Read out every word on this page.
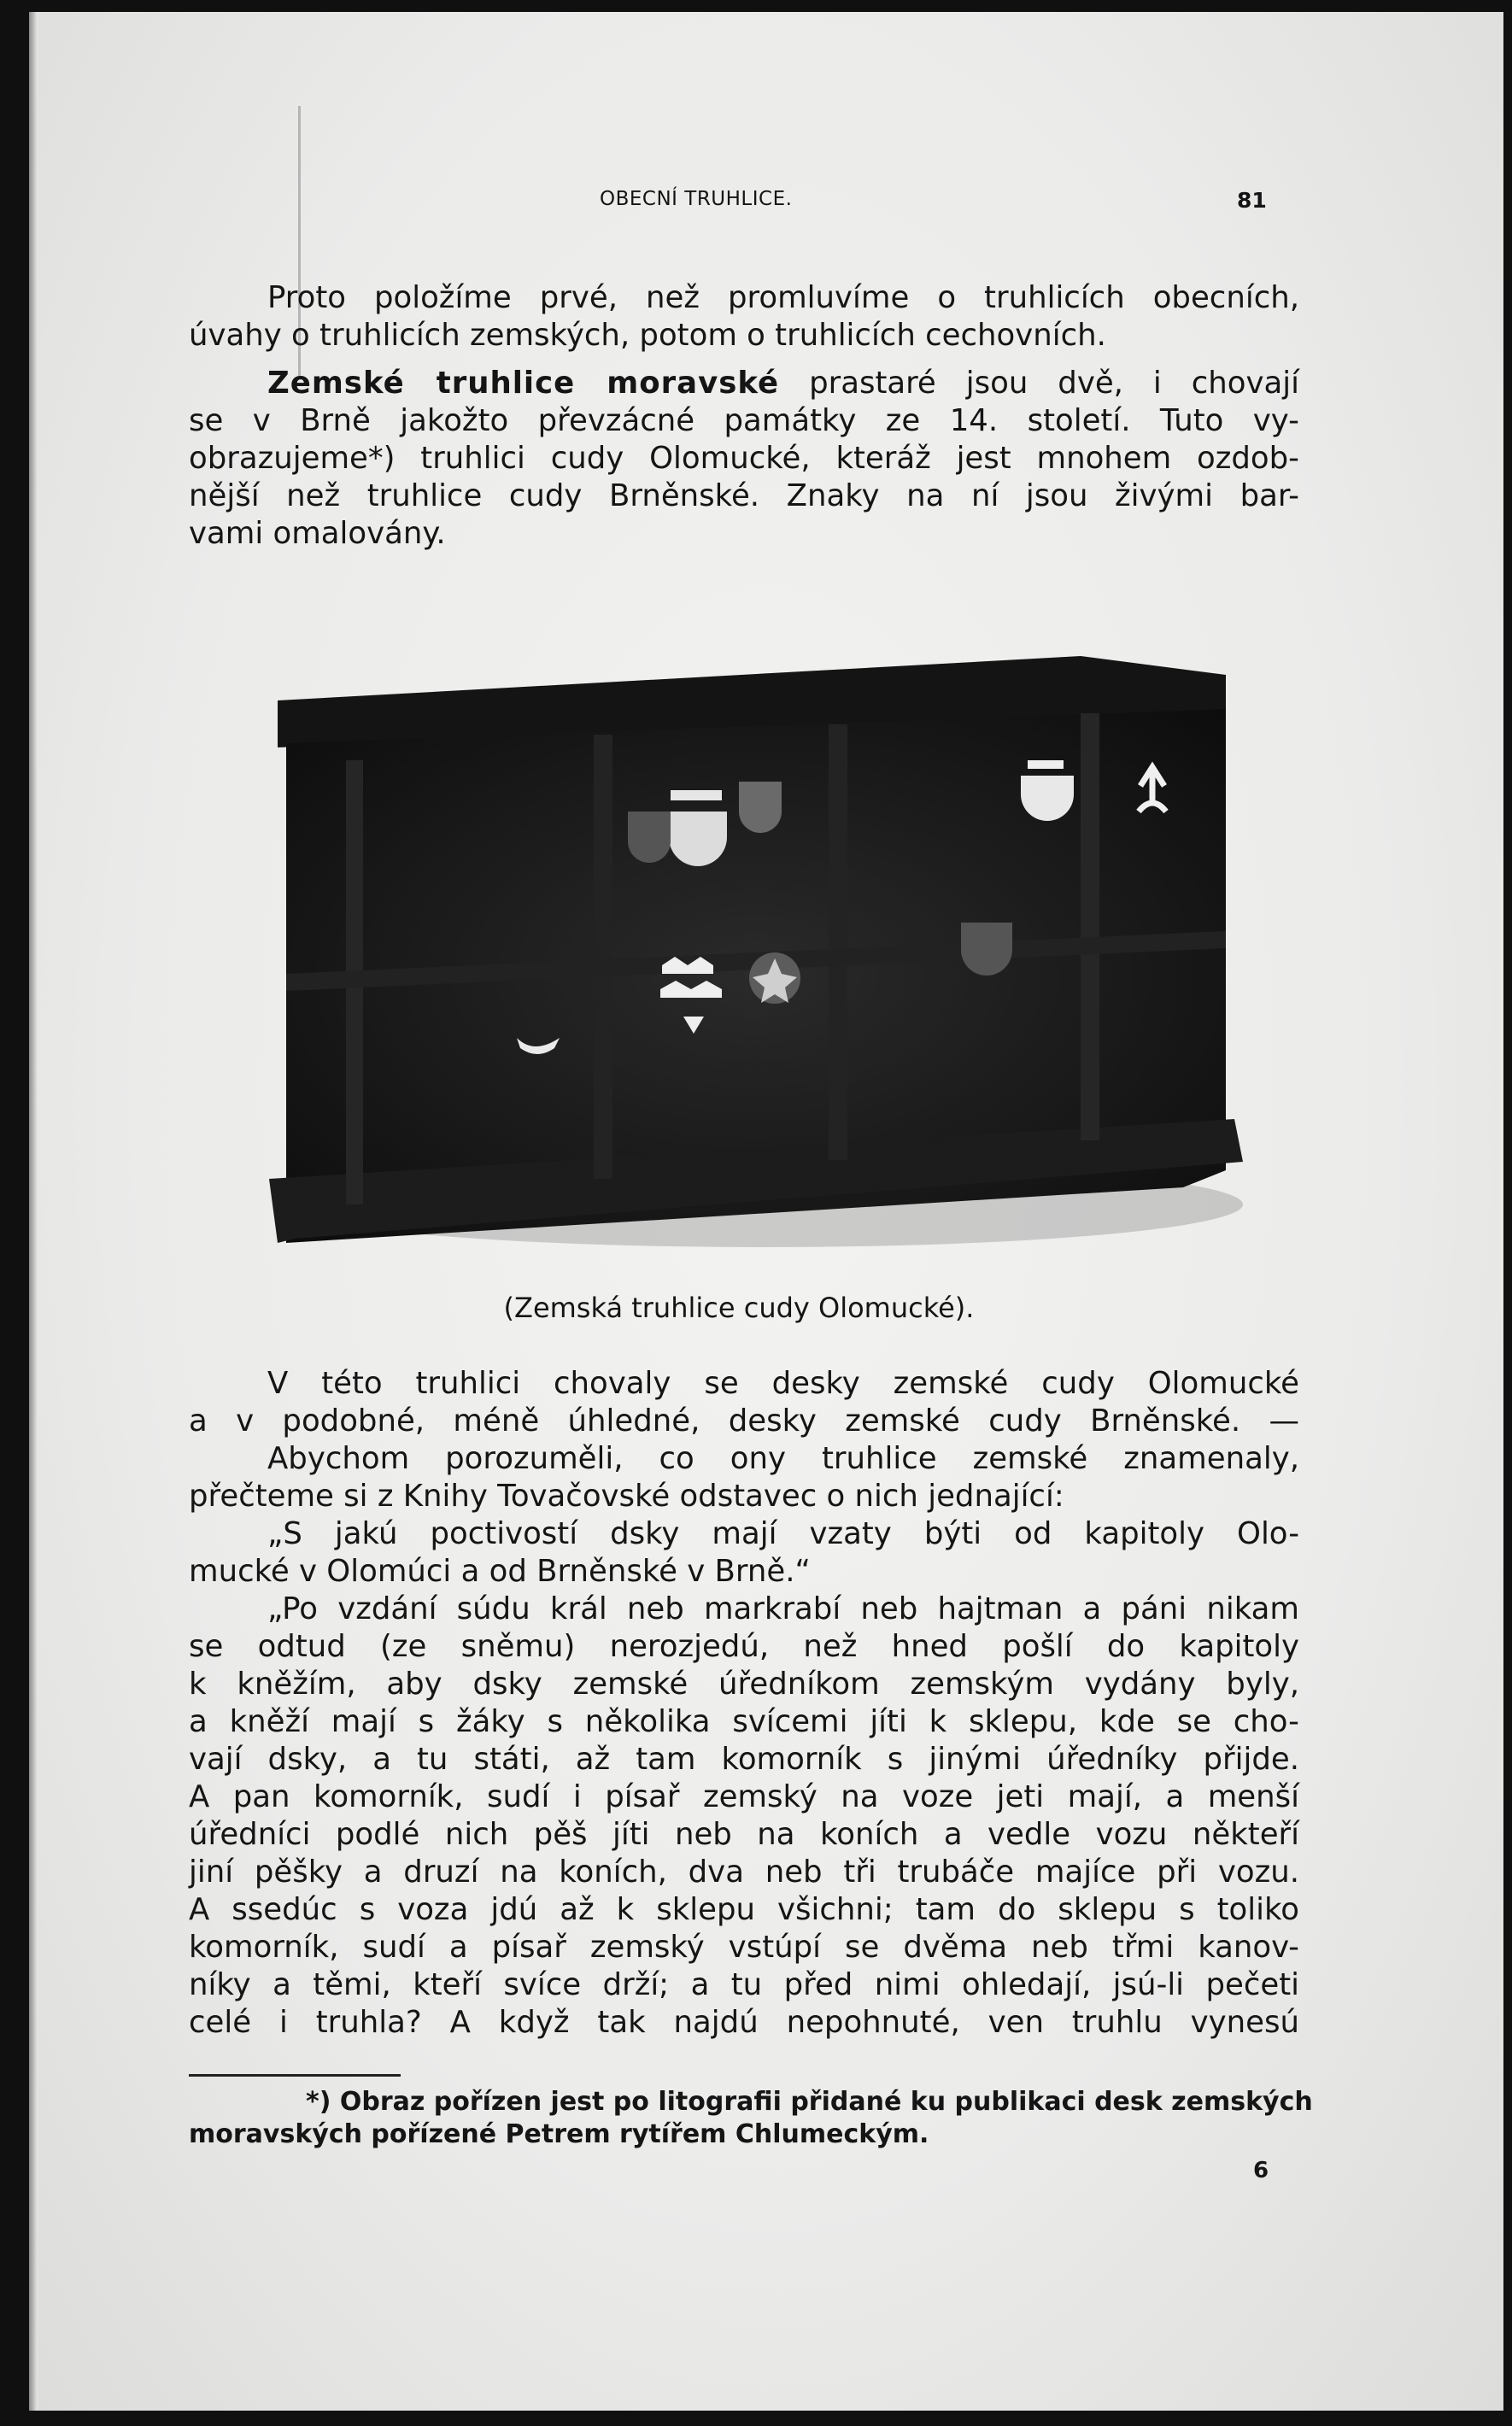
OBECNÍ TRUHLICE.	81

Proto položíme prvé, než promluvíme o truhlicích obecních,
úvahy o truhlicích zemských, potom o truhlicích cechovních.

Zemské truhlice moravské prastaré jsou dvě, i chovají
se v Brně jakožto převzácné památky ze 14. století. Tuto vy-
obrazujeme*) truhlici cudy Olomucké, kteráž jest mnohem ozdob-
nější než truhlice cudy Brněnské. Znaky na ní jsou živými bar-
vami omalovány.

(Zemská truhlice cudy Olomucké).

V této truhlici chovaly se desky zemské cudy Olomucké
a v podobné, méně úhledné, desky zemské cudy Brněnské. —
Abychom porozuměli, co ony truhlice zemské znamenaly,
přečteme si z Knihy Tovačovské odstavec o nich jednající:
„S jakú poctivostí dsky mají vzaty býti od kapitoly Olo-
mucké v Olomúci a od Brněnské v Brně.“
„Po vzdání súdu král neb markrabí neb hajtman a páni nikam
se odtud (ze sněmu) nerozjedú, než hned pošlí do kapitoly
k kněžím, aby dsky zemské úředníkom zemským vydány byly,
a kněží mají s žáky s několika svícemi jíti k sklepu, kde se cho-
vají dsky, a tu státi, až tam komorník s jinými úředníky přijde.
A pan komorník, sudí i písař zemský na voze jeti mají, a menší
úředníci podlé nich pěš jíti neb na koních a vedle vozu někteří
jiní pěšky a druzí na koních, dva neb tři trubáče majíce při vozu.
A ssedúc s voza jdú až k sklepu všichni; tam do sklepu s toliko
komorník, sudí a písař zemský vstúpí se dvěma neb třmi kanov-
níky a těmi, kteří svíce drží; a tu před nimi ohledají, jsú-li pečeti
celé i truhla? A když tak najdú nepohnuté, ven truhlu vynesú

*) Obraz pořízen jest po litografii přidané ku publikaci desk zemských
moravských pořízené Petrem rytířem Chlumeckým.

6
